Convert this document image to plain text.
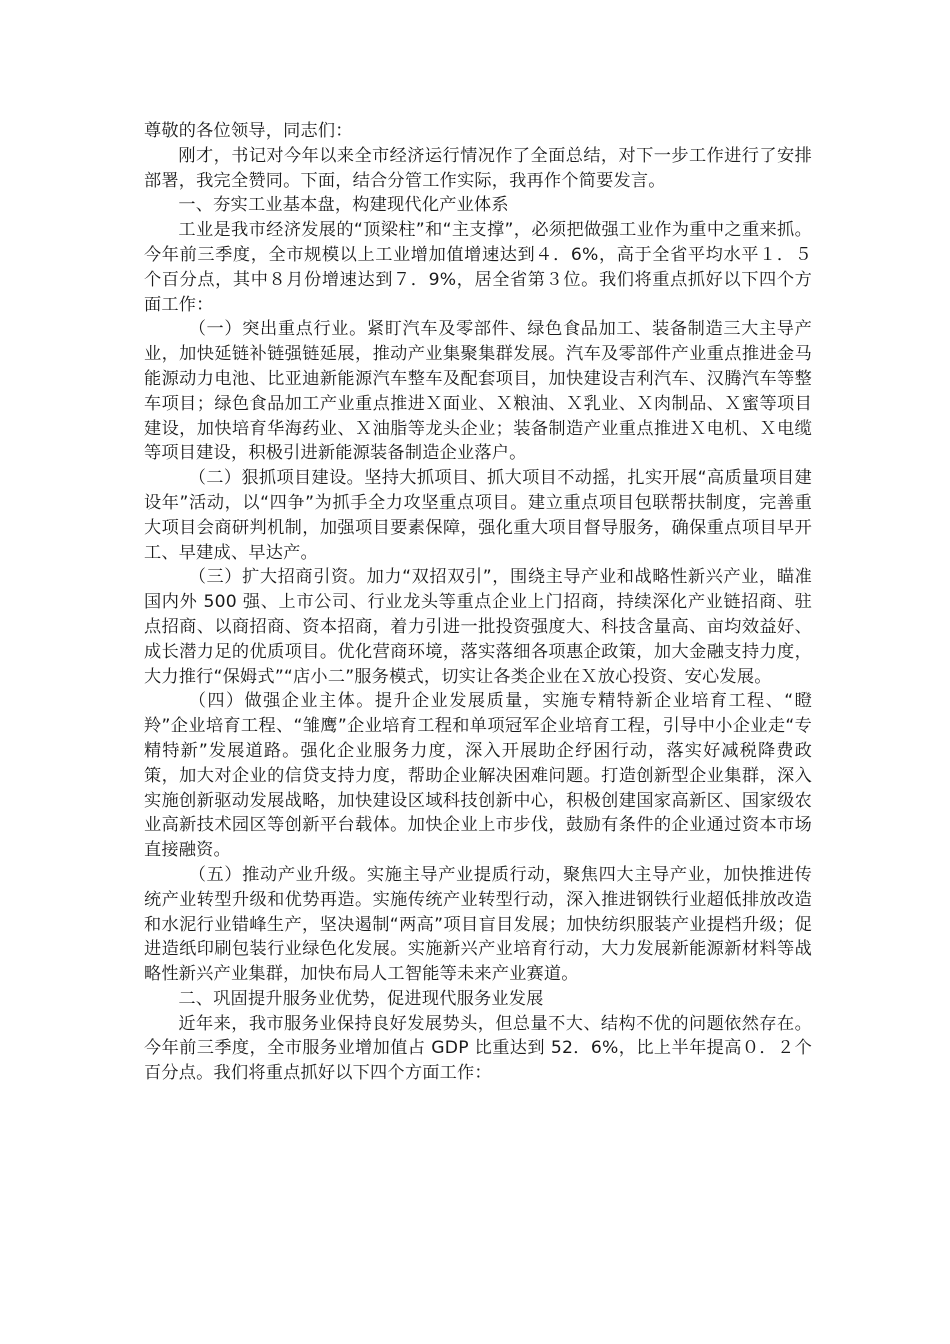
尊敬的各位领导，同志们：

刚才，书记对今年以来全市经济运行情况作了全面总结，对下一步工作进行了安排部署，我完全赞同。下面，结合分管工作实际，我再作个简要发言。

一、夯实工业基本盘，构建现代化产业体系

工业是我市经济发展的“顶梁柱”和“主支撑”，必须把做强工业作为重中之重来抓。今年前三季度，全市规模以上工业增加值增速达到４．6%，高于全省平均水平１．５个百分点，其中８月份增速达到７．9%，居全省第３位。我们将重点抓好以下四个方面工作：

（一）突出重点行业。紧盯汽车及零部件、绿色食品加工、装备制造三大主导产业，加快延链补链强链延展，推动产业集聚集群发展。汽车及零部件产业重点推进金马能源动力电池、比亚迪新能源汽车整车及配套项目，加快建设吉利汽车、汉腾汽车等整车项目；绿色食品加工产业重点推进Ｘ面业、Ｘ粮油、Ｘ乳业、Ｘ肉制品、Ｘ蜜等项目建设，加快培育华海药业、Ｘ油脂等龙头企业；装备制造产业重点推进Ｘ电机、Ｘ电缆等项目建设，积极引进新能源装备制造企业落户。

（二）狠抓项目建设。坚持大抓项目、抓大项目不动摇，扎实开展“高质量项目建设年”活动，以“四争”为抓手全力攻坚重点项目。建立重点项目包联帮扶制度，完善重大项目会商研判机制，加强项目要素保障，强化重大项目督导服务，确保重点项目早开工、早建成、早达产。

（三）扩大招商引资。加力“双招双引”，围绕主导产业和战略性新兴产业，瞄准国内外 500 强、上市公司、行业龙头等重点企业上门招商，持续深化产业链招商、驻点招商、以商招商、资本招商，着力引进一批投资强度大、科技含量高、亩均效益好、成长潜力足的优质项目。优化营商环境，落实落细各项惠企政策，加大金融支持力度，大力推行“保姆式”“店小二”服务模式，切实让各类企业在Ｘ放心投资、安心发展。

（四）做强企业主体。提升企业发展质量，实施专精特新企业培育工程、“瞪羚”企业培育工程、“雏鹰”企业培育工程和单项冠军企业培育工程，引导中小企业走“专精特新”发展道路。强化企业服务力度，深入开展助企纾困行动，落实好减税降费政策，加大对企业的信贷支持力度，帮助企业解决困难问题。打造创新型企业集群，深入实施创新驱动发展战略，加快建设区域科技创新中心，积极创建国家高新区、国家级农业高新技术园区等创新平台载体。加快企业上市步伐，鼓励有条件的企业通过资本市场直接融资。

（五）推动产业升级。实施主导产业提质行动，聚焦四大主导产业，加快推进传统产业转型升级和优势再造。实施传统产业转型行动，深入推进钢铁行业超低排放改造和水泥行业错峰生产，坚决遏制“两高”项目盲目发展；加快纺织服装产业提档升级；促进造纸印刷包装行业绿色化发展。实施新兴产业培育行动，大力发展新能源新材料等战略性新兴产业集群，加快布局人工智能等未来产业赛道。

二、巩固提升服务业优势，促进现代服务业发展

近年来，我市服务业保持良好发展势头，但总量不大、结构不优的问题依然存在。今年前三季度，全市服务业增加值占 GDP 比重达到 52．6%，比上半年提高０．２个百分点。我们将重点抓好以下四个方面工作：
